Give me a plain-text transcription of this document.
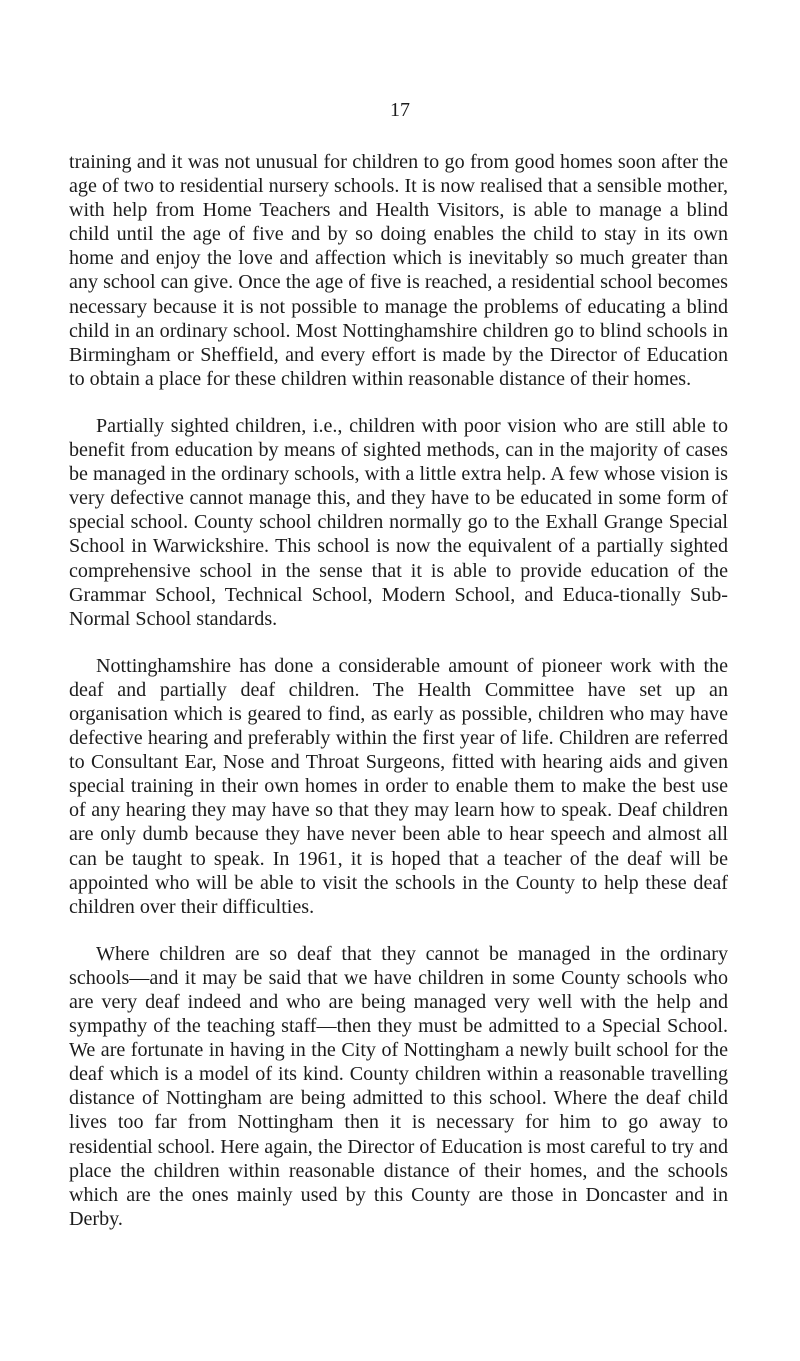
17

training and it was not unusual for children to go from good homes soon after the age of two to residential nursery schools. It is now realised that a sensible mother, with help from Home Teachers and Health Visitors, is able to manage a blind child until the age of five and by so doing enables the child to stay in its own home and enjoy the love and affection which is inevitably so much greater than any school can give. Once the age of five is reached, a residential school becomes necessary because it is not possible to manage the problems of educating a blind child in an ordinary school. Most Nottinghamshire children go to blind schools in Birmingham or Sheffield, and every effort is made by the Director of Education to obtain a place for these children within reasonable distance of their homes.

Partially sighted children, i.e., children with poor vision who are still able to benefit from education by means of sighted methods, can in the majority of cases be managed in the ordinary schools, with a little extra help. A few whose vision is very defective cannot manage this, and they have to be educated in some form of special school. County school children normally go to the Exhall Grange Special School in Warwickshire. This school is now the equivalent of a partially sighted comprehensive school in the sense that it is able to provide education of the Grammar School, Technical School, Modern School, and Educa-tionally Sub-Normal School standards.

Nottinghamshire has done a considerable amount of pioneer work with the deaf and partially deaf children. The Health Committee have set up an organisation which is geared to find, as early as possible, children who may have defective hearing and preferably within the first year of life. Children are referred to Consultant Ear, Nose and Throat Surgeons, fitted with hearing aids and given special training in their own homes in order to enable them to make the best use of any hearing they may have so that they may learn how to speak. Deaf children are only dumb because they have never been able to hear speech and almost all can be taught to speak. In 1961, it is hoped that a teacher of the deaf will be appointed who will be able to visit the schools in the County to help these deaf children over their difficulties.

Where children are so deaf that they cannot be managed in the ordinary schools—and it may be said that we have children in some County schools who are very deaf indeed and who are being managed very well with the help and sympathy of the teaching staff—then they must be admitted to a Special School. We are fortunate in having in the City of Nottingham a newly built school for the deaf which is a model of its kind. County children within a reasonable travelling distance of Nottingham are being admitted to this school. Where the deaf child lives too far from Nottingham then it is necessary for him to go away to residential school. Here again, the Director of Education is most careful to try and place the children within reasonable distance of their homes, and the schools which are the ones mainly used by this County are those in Doncaster and in Derby.
